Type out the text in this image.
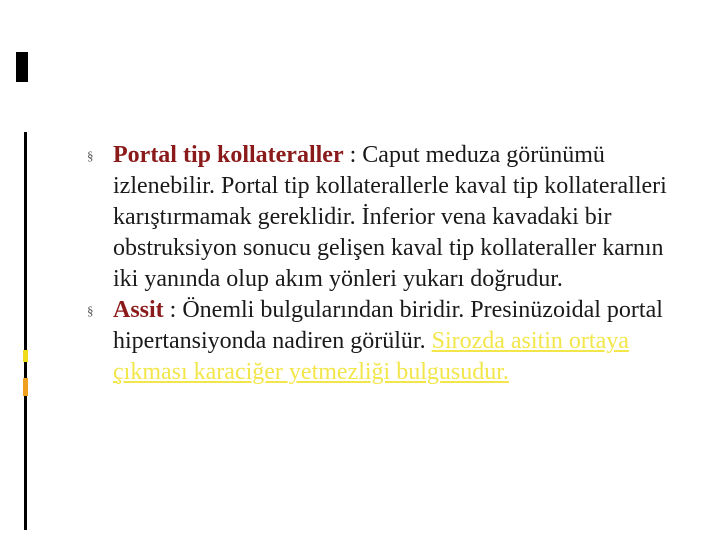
§ Portal tip kollateraller : Caput meduza görünümü izlenebilir. Portal tip kollaterallerle kaval tip kollateralleri karıştırmamak gereklidir. İnferior vena kavadaki bir obstruksiyon sonucu gelişen kaval tip kollateraller karnın iki yanında olup akım yönleri yukarı doğrudur.
§ Assit : Önemli bulgularından biridir. Presinüzoidal portal hipertansiyonda nadiren görülür. Sirozda asitin ortaya çıkması karaciğer yetmezliği bulgusudur.
